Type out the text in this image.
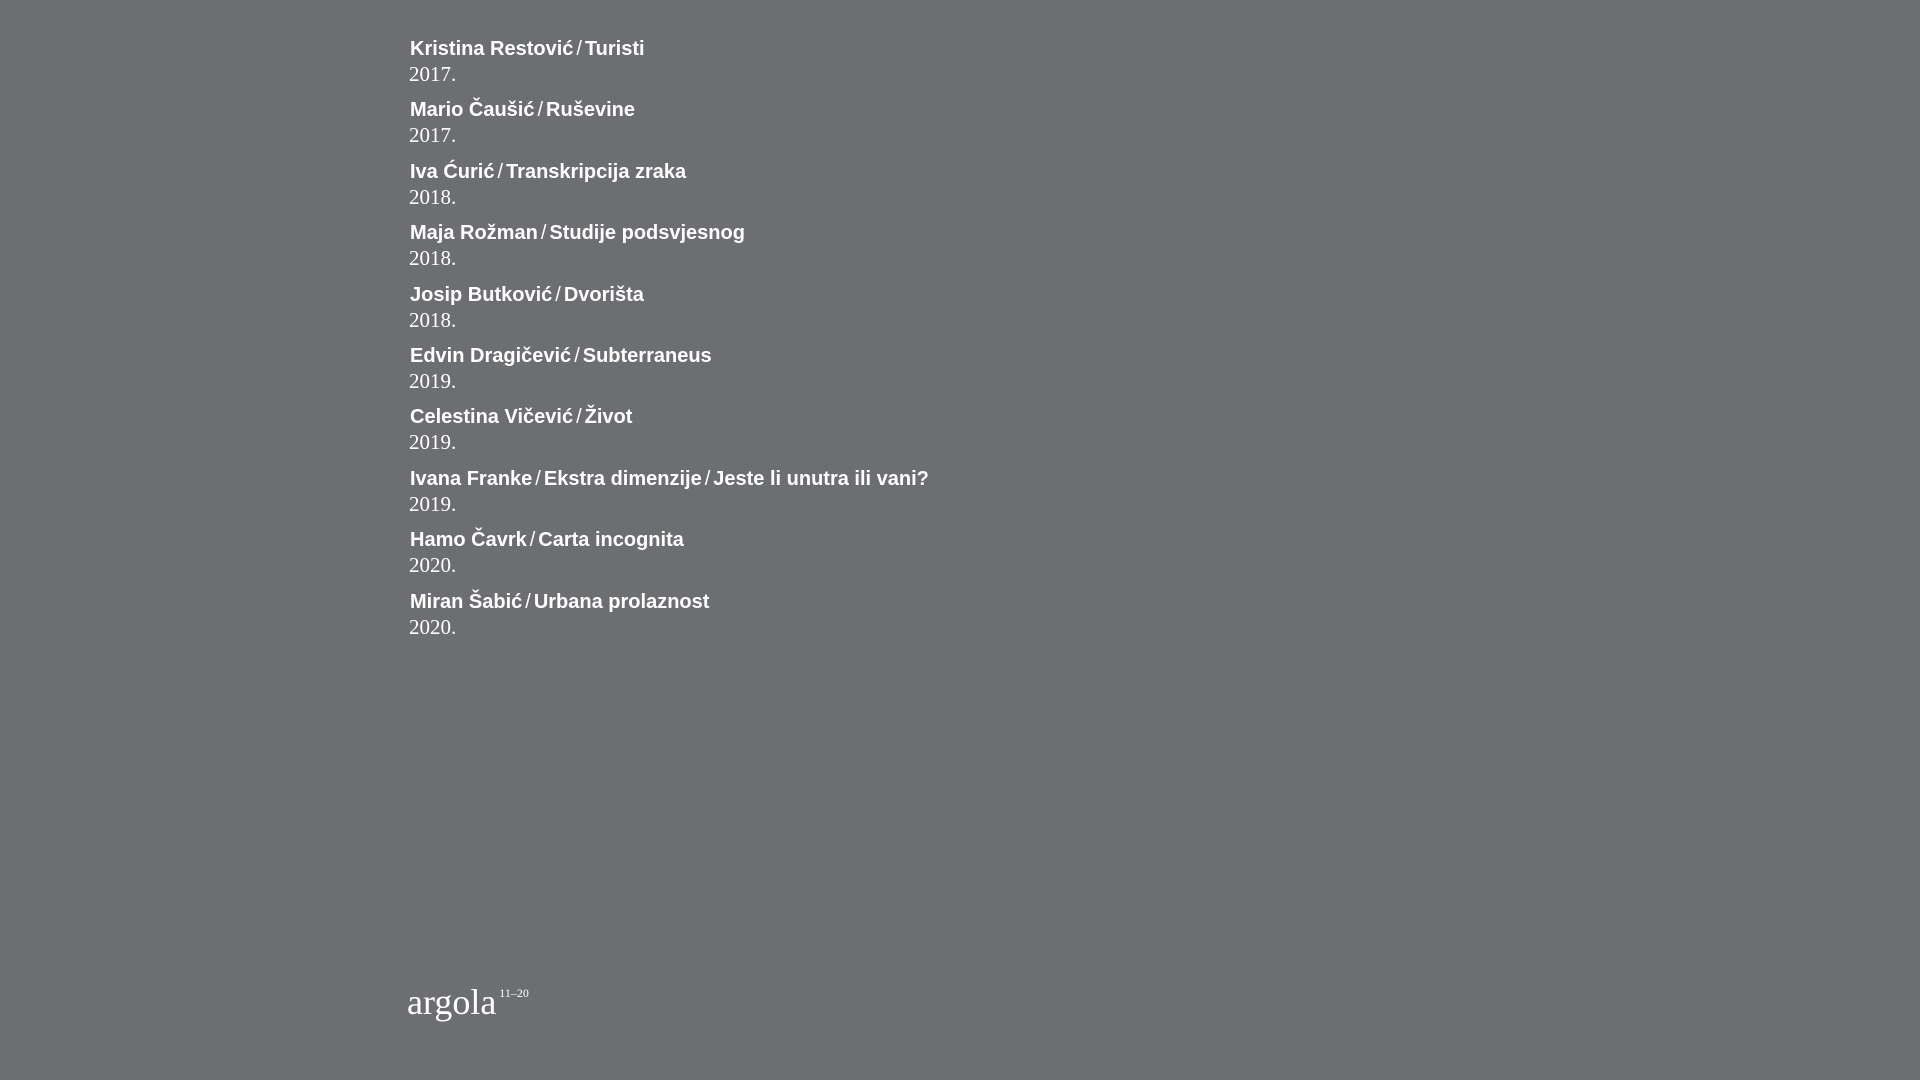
Kristina Restović / Turisti
2017.
Mario Čaušić / Ruševine
2017.
Iva Ćurić / Transkripcija zraka
2018.
Maja Rožman / Studije podsvjesnog
2018.
Josip Butković / Dvorišta
2018.
Edvin Dragičević / Subterraneus
2019.
Celestina Vičević / Život
2019.
Ivana Franke / Ekstra dimenzije / Jeste li unutra ili vani?
2019.
Hamo Čavrk / Carta incognita
2020.
Miran Šabić / Urbana prolaznost
2020.
argola $^{11-20}$
